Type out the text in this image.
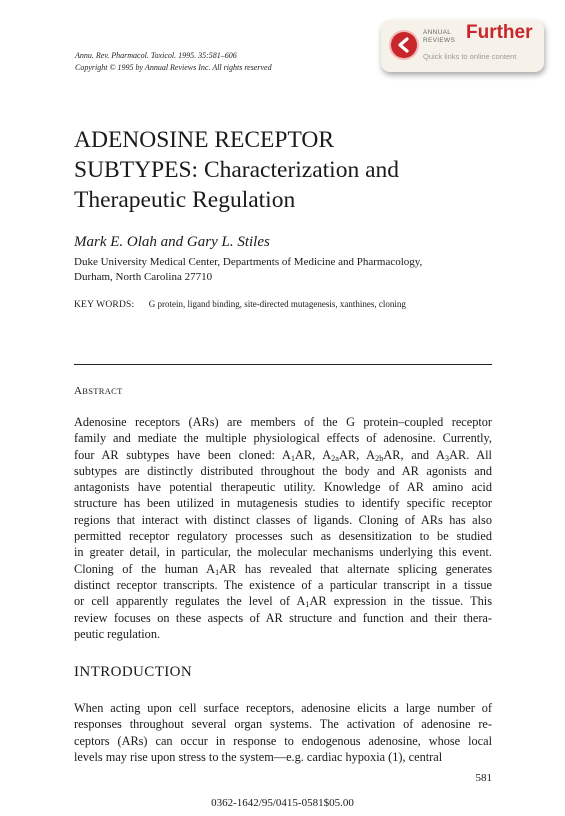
Annu. Rev. Pharmacol. Toxicol. 1995. 35:581–606
Copyright © 1995 by Annual Reviews Inc. All rights reserved
ANNUAL REVIEWS Further
Quick links to online content
ADENOSINE RECEPTOR
SUBTYPES: Characterization and
Therapeutic Regulation
Mark E. Olah and Gary L. Stiles
Duke University Medical Center, Departments of Medicine and Pharmacology,
Durham, North Carolina 27710
KEY WORDS: G protein, ligand binding, site-directed mutagenesis, xanthines, cloning
ABSTRACT
Adenosine receptors (ARs) are members of the G protein–coupled receptor
family and mediate the multiple physiological effects of adenosine. Currently,
four AR subtypes have been cloned: $A_1AR$, $A_{2a}AR$, $A_{2b}AR$, and $A_3AR$. All
subtypes are distinctly distributed throughout the body and AR agonists and
antagonists have potential therapeutic utility. Knowledge of AR amino acid
structure has been utilized in mutagenesis studies to identify specific receptor
regions that interact with distinct classes of ligands. Cloning of ARs has also
permitted receptor regulatory processes such as desensitization to be studied
in greater detail, in particular, the molecular mechanisms underlying this event.
Cloning of the human $A_1AR$ has revealed that alternate splicing generates
distinct receptor transcripts. The existence of a particular transcript in a tissue
or cell apparently regulates the level of $A_1AR$ expression in the tissue. This
review focuses on these aspects of AR structure and function and their thera-
peutic regulation.
INTRODUCTION
When acting upon cell surface receptors, adenosine elicits a large number of
responses throughout several organ systems. The activation of adenosine re-
ceptors (ARs) can occur in response to endogenous adenosine, whose local
levels may rise upon stress to the system—e.g. cardiac hypoxia (1), central
581
0362-1642/95/0415-0581$05.00
